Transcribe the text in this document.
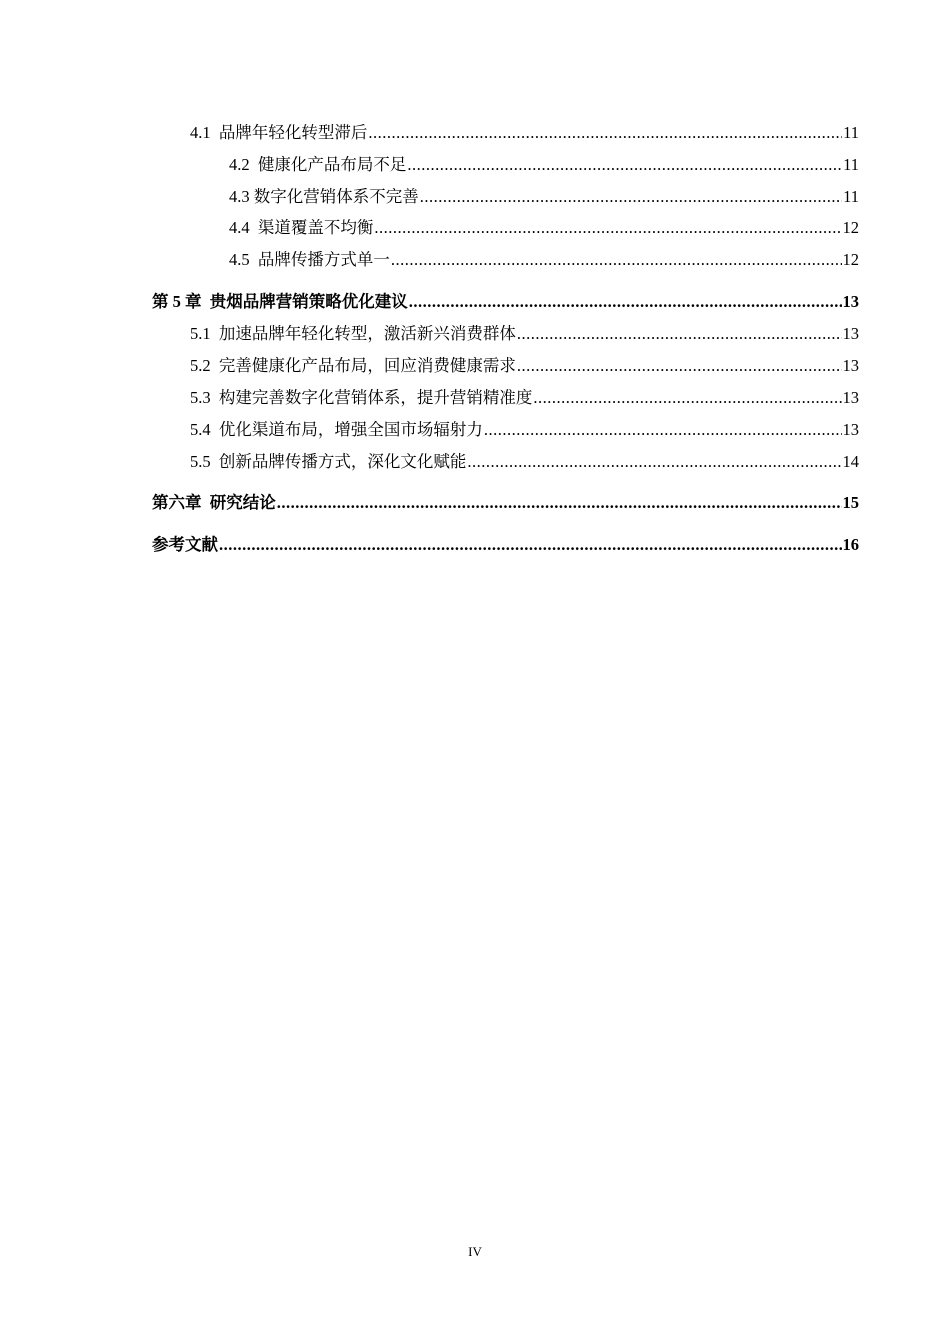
4.1  品牌年轻化转型滞后 .....	11
4.2  健康化产品布局不足 .....	11
4.3 数字化营销体系不完善 .....	11
4.4  渠道覆盖不均衡 .....	12
4.5  品牌传播方式单一 .....	12
第 5 章  贵烟品牌营销策略优化建议 .....	13
5.1  加速品牌年轻化转型，激活新兴消费群体 .....	13
5.2  完善健康化产品布局，回应消费健康需求 .....	13
5.3  构建完善数字化营销体系，提升营销精准度 .....	13
5.4  优化渠道布局，增强全国市场辐射力 .....	13
5.5  创新品牌传播方式，深化文化赋能 .....	14
第六章  研究结论 .....	15
参考文献 .....	16
IV
